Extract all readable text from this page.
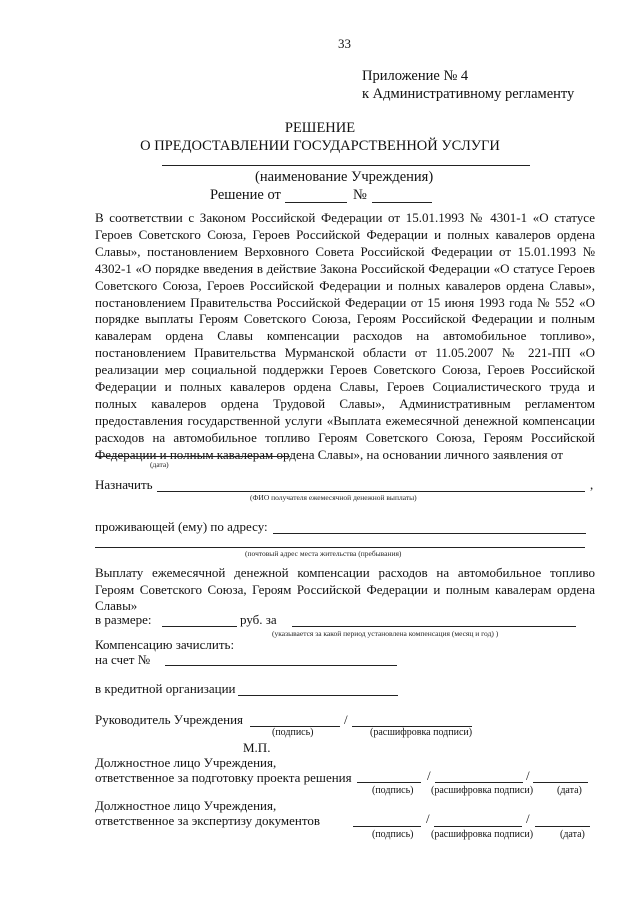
33
Приложение № 4
к Административному регламенту
РЕШЕНИЕ
О ПРЕДОСТАВЛЕНИИ ГОСУДАРСТВЕННОЙ УСЛУГИ
(наименование Учреждения)
Решение от	№
В соответствии с Законом Российской Федерации от 15.01.1993 № 4301-1 «О статусе Героев Советского Союза, Героев Российской Федерации и полных кавалеров ордена Славы», постановлением Верховного Совета Российской Федерации от 15.01.1993 № 4302-1 «О порядке введения в действие Закона Российской Федерации «О статусе Героев Советского Союза, Героев Российской Федерации и полных кавалеров ордена Славы», постановлением Правительства Российской Федерации от 15 июня 1993 года № 552 «О порядке выплаты Героям Советского Союза, Героям Российской Федерации и полным кавалерам ордена Славы компенсации расходов на автомобильное топливо», постановлением Правительства Мурманской области от 11.05.2007 № 221-ПП «О реализации мер социальной поддержки Героев Советского Союза, Героев Российской Федерации и полных кавалеров ордена Славы, Героев Социалистического труда и полных кавалеров ордена Трудовой Славы», Административным регламентом предоставления государственной услуги «Выплата ежемесячной денежной компенсации расходов на автомобильное топливо Героям Советского Союза, Героям Российской Федерации и полным кавалерам ордена Славы», на основании личного заявления от
(дата)
Назначить	,
(ФИО получателя ежемесячной денежной выплаты)
проживающей (ему) по адресу:
(почтовый адрес места жительства (пребывания)
Выплату ежемесячной денежной компенсации расходов на автомобильное топливо Героям Советского Союза, Героям Российской Федерации и полным кавалерам ордена Славы»
в размере:	руб. за
(указывается за какой период установлена компенсация (месяц и год) )
Компенсацию зачислить:
на счет №
в кредитной организации
Руководитель Учреждения	/
(подпись)	(расшифровка подписи)
М.П.
Должностное лицо Учреждения,
ответственное за подготовку проекта решения	/	/
(подпись) (расшифровка подписи) (дата)
Должностное лицо Учреждения,
ответственное за экспертизу документов	/	/
(подпись) (расшифровка подписи)	(дата)
